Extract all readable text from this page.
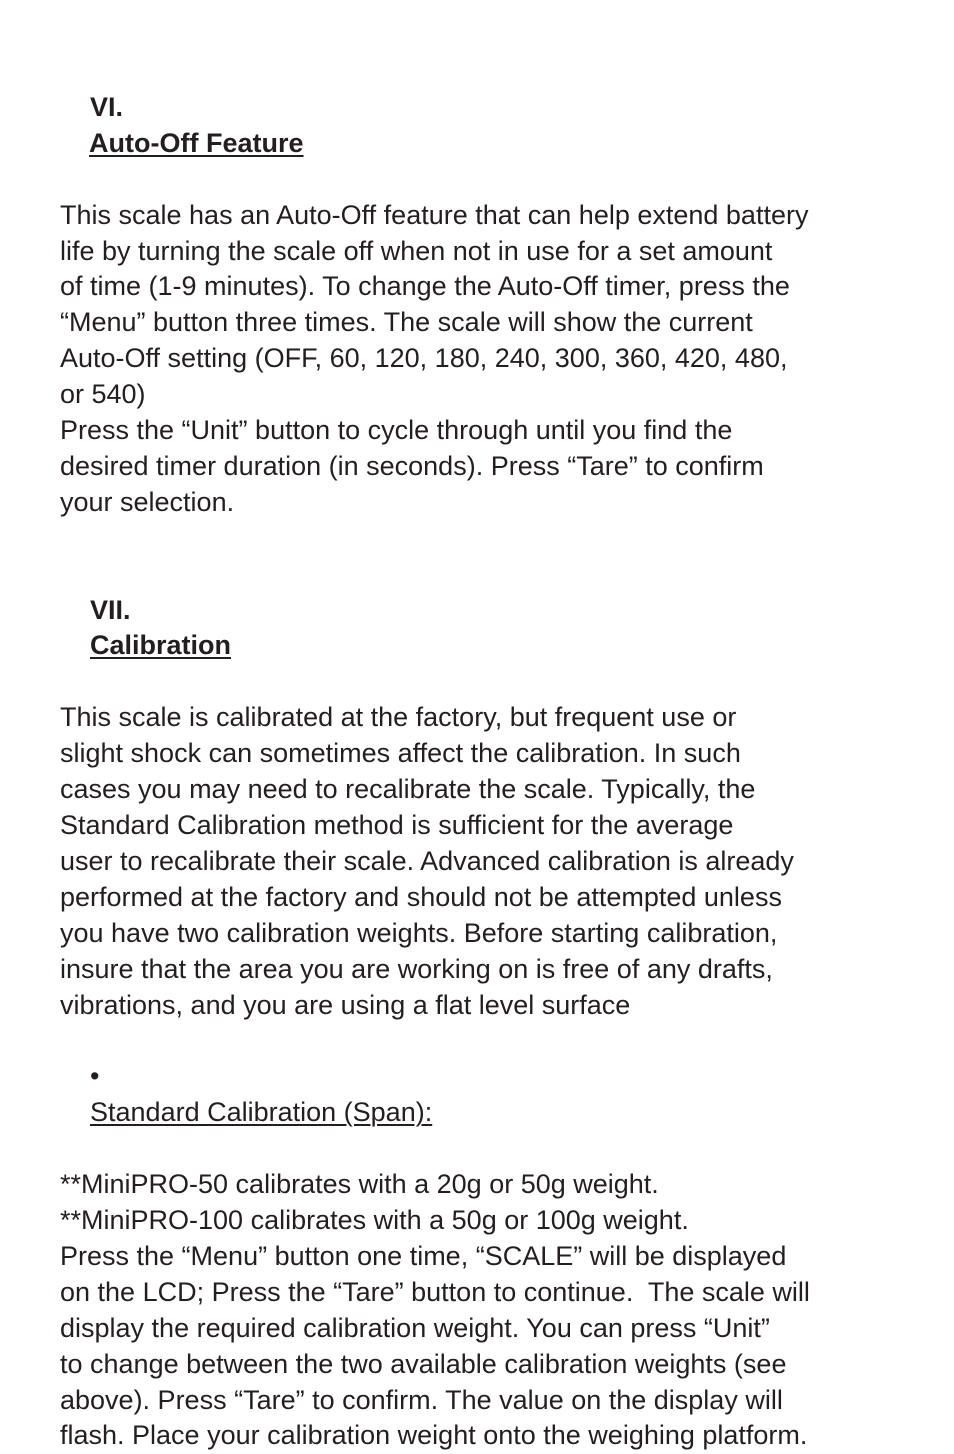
VI.
Auto-Off Feature

This scale has an Auto-Off feature that can help extend battery
life by turning the scale off when not in use for a set amount
of time (1-9 minutes). To change the Auto-Off timer, press the
“Menu” button three times. The scale will show the current
Auto-Off setting (OFF, 60, 120, 180, 240, 300, 360, 420, 480,
or 540)
Press the “Unit” button to cycle through until you find the
desired timer duration (in seconds). Press “Tare” to confirm
your selection.

VII.
Calibration

This scale is calibrated at the factory, but frequent use or
slight shock can sometimes affect the calibration. In such
cases you may need to recalibrate the scale. Typically, the
Standard Calibration method is sufficient for the average
user to recalibrate their scale. Advanced calibration is already
performed at the factory and should not be attempted unless
you have two calibration weights. Before starting calibration,
insure that the area you are working on is free of any drafts,
vibrations, and you are using a flat level surface

•
Standard Calibration (Span):

**MiniPRO-50 calibrates with a 20g or 50g weight.
**MiniPRO-100 calibrates with a 50g or 100g weight.
Press the “Menu” button one time, “SCALE” will be displayed
on the LCD; Press the “Tare” button to continue.  The scale will
display the required calibration weight. You can press “Unit”
to change between the two available calibration weights (see
above). Press “Tare” to confirm. The value on the display will
flash. Place your calibration weight onto the weighing platform.
